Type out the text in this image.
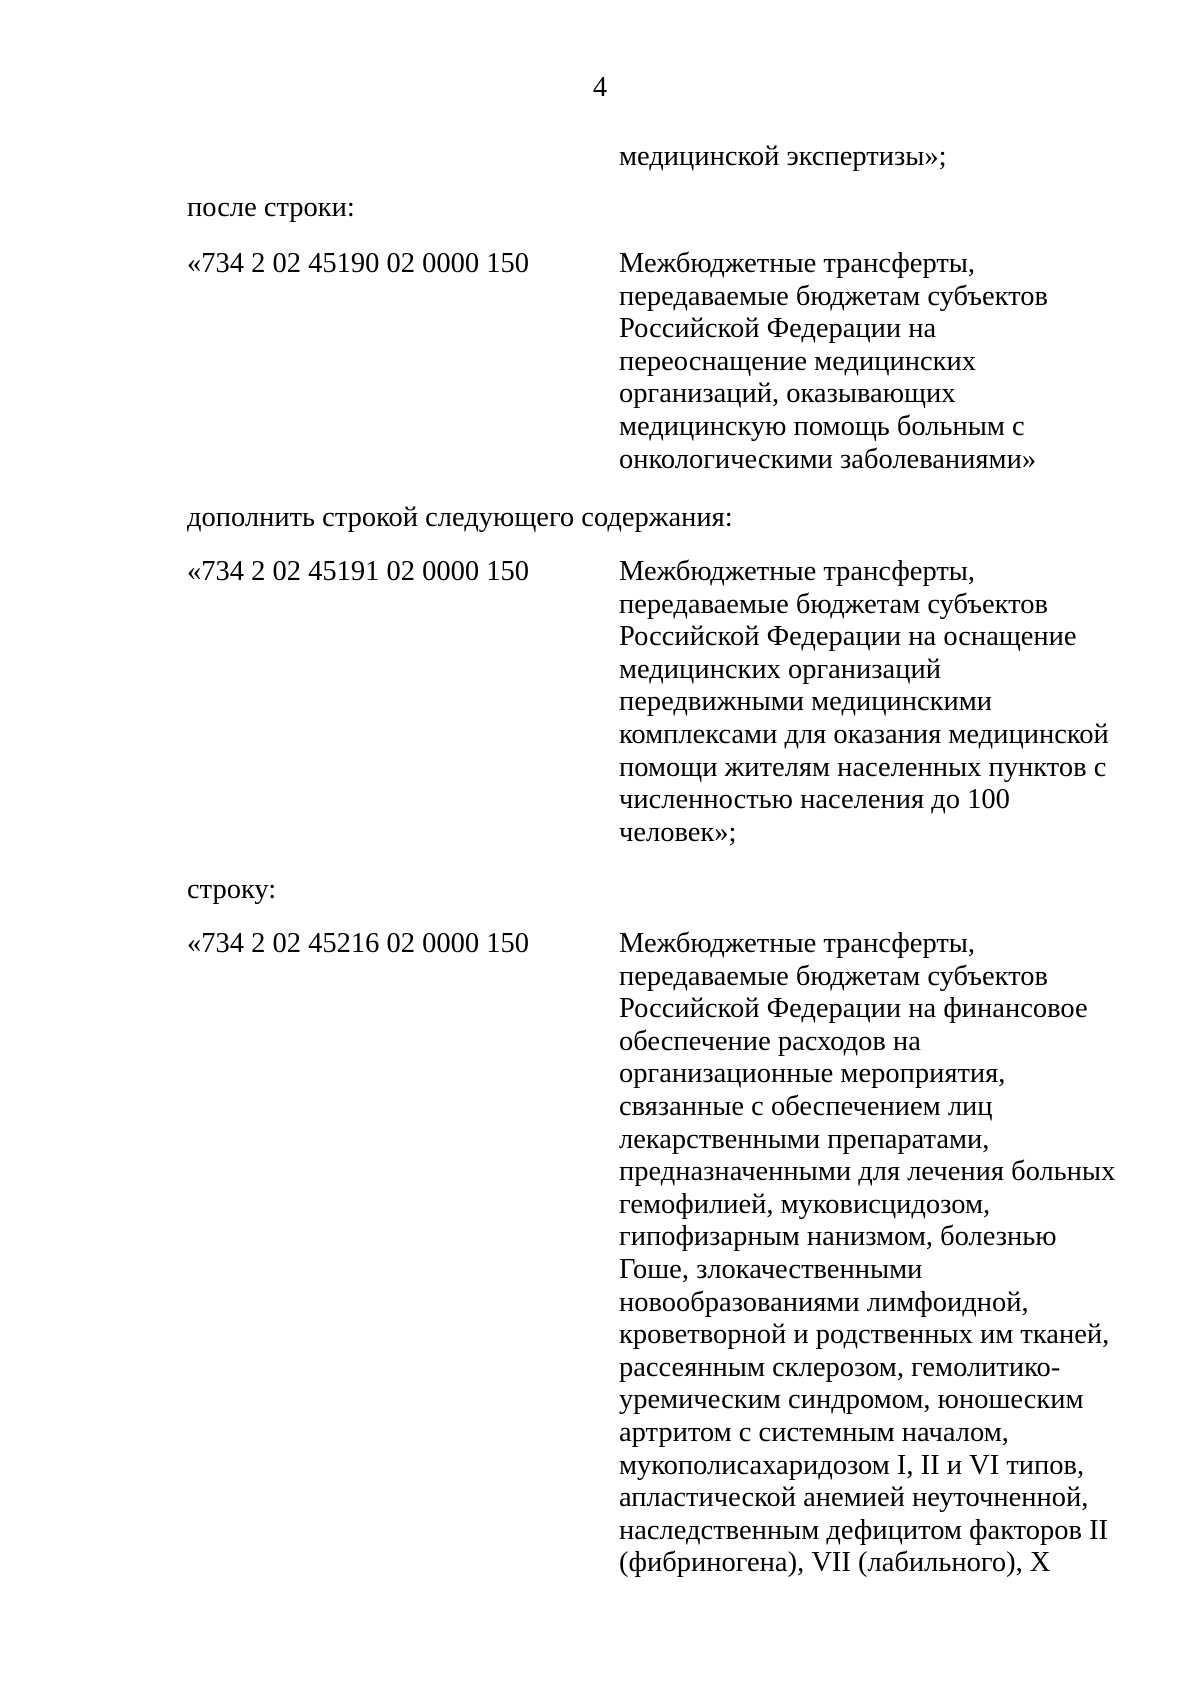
4
медицинской экспертизы»;
после строки:
«734 2 02 45190 02 0000 150	Межбюджетные трансферты,
передаваемые бюджетам субъектов
Российской Федерации на
переоснащение медицинских
организаций, оказывающих
медицинскую помощь больным с
онкологическими заболеваниями»
дополнить строкой следующего содержания:
«734 2 02 45191 02 0000 150	Межбюджетные трансферты,
передаваемые бюджетам субъектов
Российской Федерации на оснащение
медицинских организаций
передвижными медицинскими
комплексами для оказания медицинской
помощи жителям населенных пунктов с
численностью населения до 100
человек»;
строку:
«734 2 02 45216 02 0000 150	Межбюджетные трансферты,
передаваемые бюджетам субъектов
Российской Федерации на финансовое
обеспечение расходов на
организационные мероприятия,
связанные с обеспечением лиц
лекарственными препаратами,
предназначенными для лечения больных
гемофилией, муковисцидозом,
гипофизарным нанизмом, болезнью
Гоше, злокачественными
новообразованиями лимфоидной,
кроветворной и родственных им тканей,
рассеянным склерозом, гемолитико-
уремическим синдромом, юношеским
артритом с системным началом,
мукополисахаридозом I, II и VI типов,
апластической анемией неуточненной,
наследственным дефицитом факторов II
(фибриногена), VII (лабильного), X
